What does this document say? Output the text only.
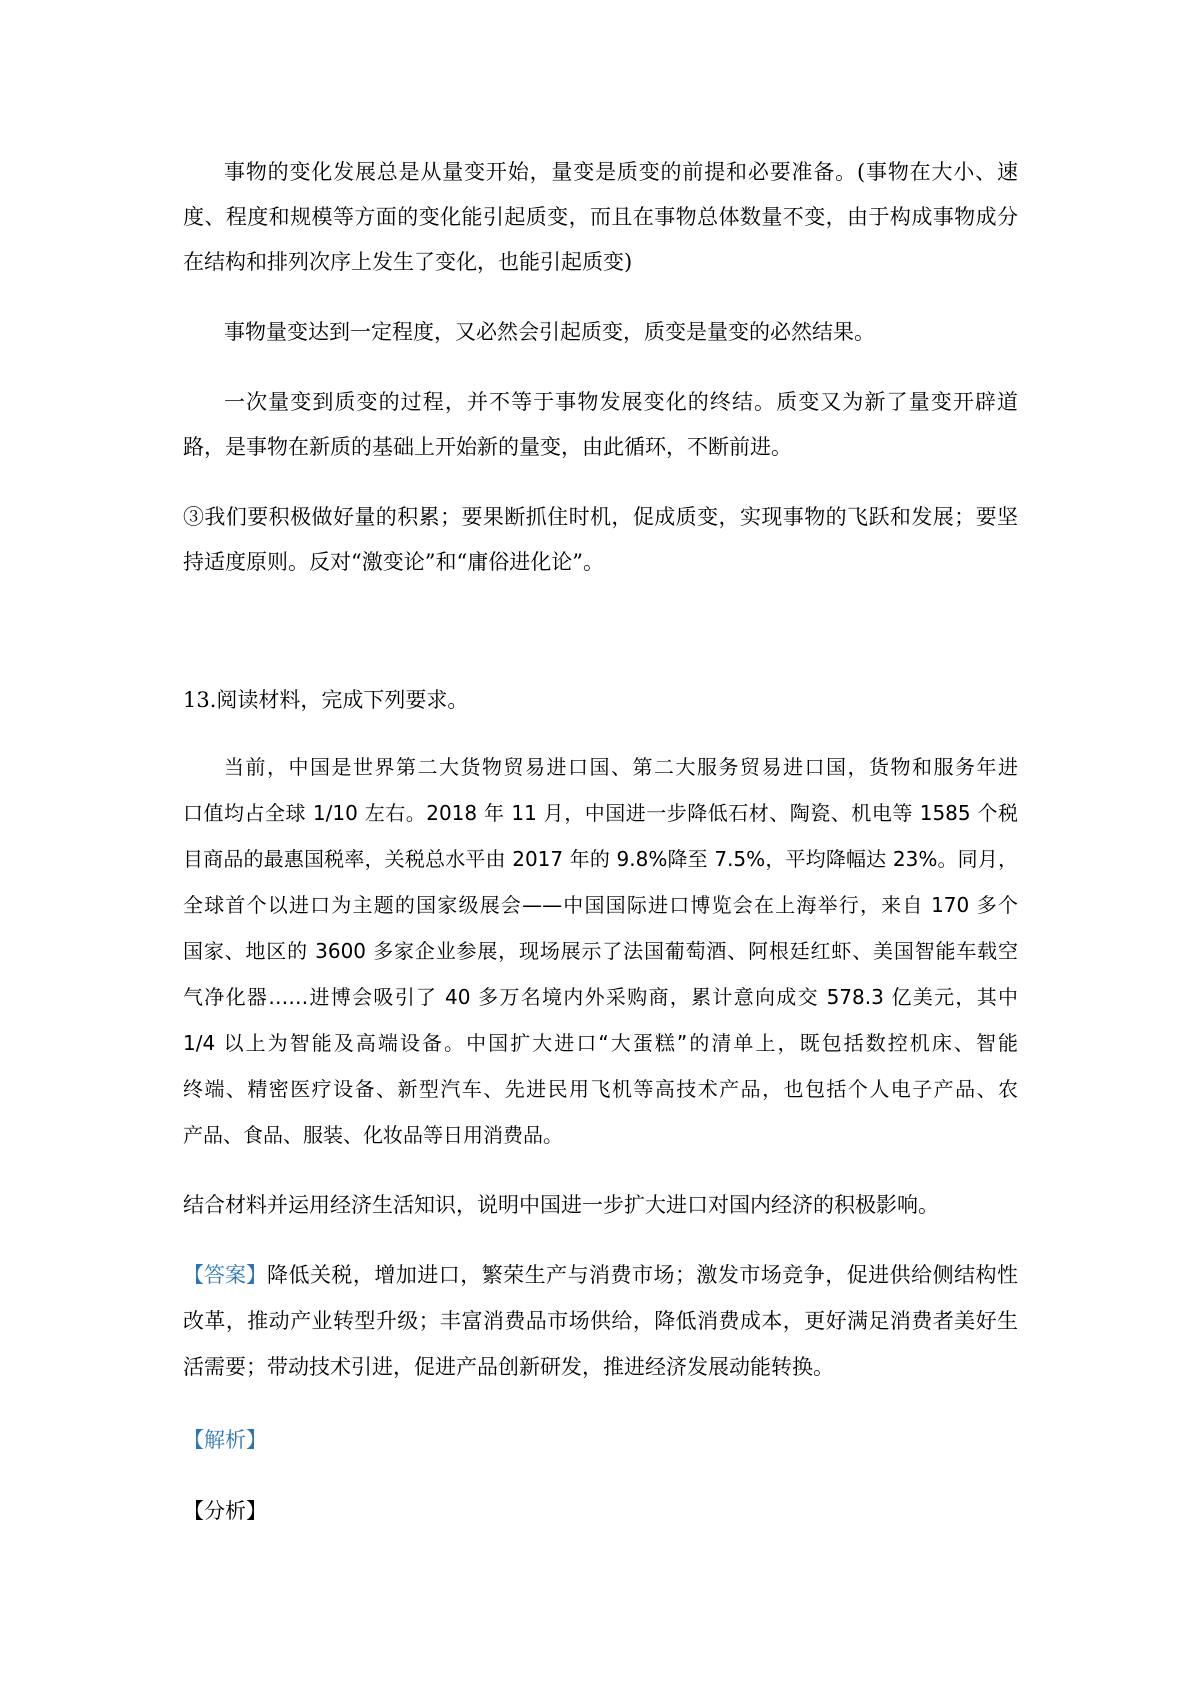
事物的变化发展总是从量变开始，量变是质变的前提和必要准备。(事物在大小、速
度、程度和规模等方面的变化能引起质变，而且在事物总体数量不变，由于构成事物成分
在结构和排列次序上发生了变化，也能引起质变)
事物量变达到一定程度，又必然会引起质变，质变是量变的必然结果。
一次量变到质变的过程，并不等于事物发展变化的终结。质变又为新了量变开辟道
路，是事物在新质的基础上开始新的量变，由此循环，不断前进。
③我们要积极做好量的积累；要果断抓住时机，促成质变，实现事物的飞跃和发展；要坚
持适度原则。反对“激变论”和“庸俗进化论”。
13.阅读材料，完成下列要求。
当前，中国是世界第二大货物贸易进口国、第二大服务贸易进口国，货物和服务年进
口值均占全球 1/10 左右。2018 年 11 月，中国进一步降低石材、陶瓷、机电等 1585 个税
目商品的最惠国税率，关税总水平由 2017 年的 9.8%降至 7.5%，平均降幅达 23%。同月，
全球首个以进口为主题的国家级展会——中国国际进口博览会在上海举行，来自 170 多个
国家、地区的 3600 多家企业参展，现场展示了法国葡萄酒、阿根廷红虾、美国智能车载空
气净化器……进博会吸引了 40 多万名境内外采购商，累计意向成交 578.3 亿美元，其中
1/4 以上为智能及高端设备。中国扩大进口“大蛋糕”的清单上，既包括数控机床、智能
终端、精密医疗设备、新型汽车、先进民用飞机等高技术产品，也包括个人电子产品、农
产品、食品、服装、化妆品等日用消费品。
结合材料并运用经济生活知识，说明中国进一步扩大进口对国内经济的积极影响。
【答案】 降低关税，增加进口，繁荣生产与消费市场；激发市场竞争，促进供给侧结构性
改革，推动产业转型升级；丰富消费品市场供给，降低消费成本，更好满足消费者美好生
活需要；带动技术引进，促进产品创新研发，推进经济发展动能转换。
【解析】
【分析】
